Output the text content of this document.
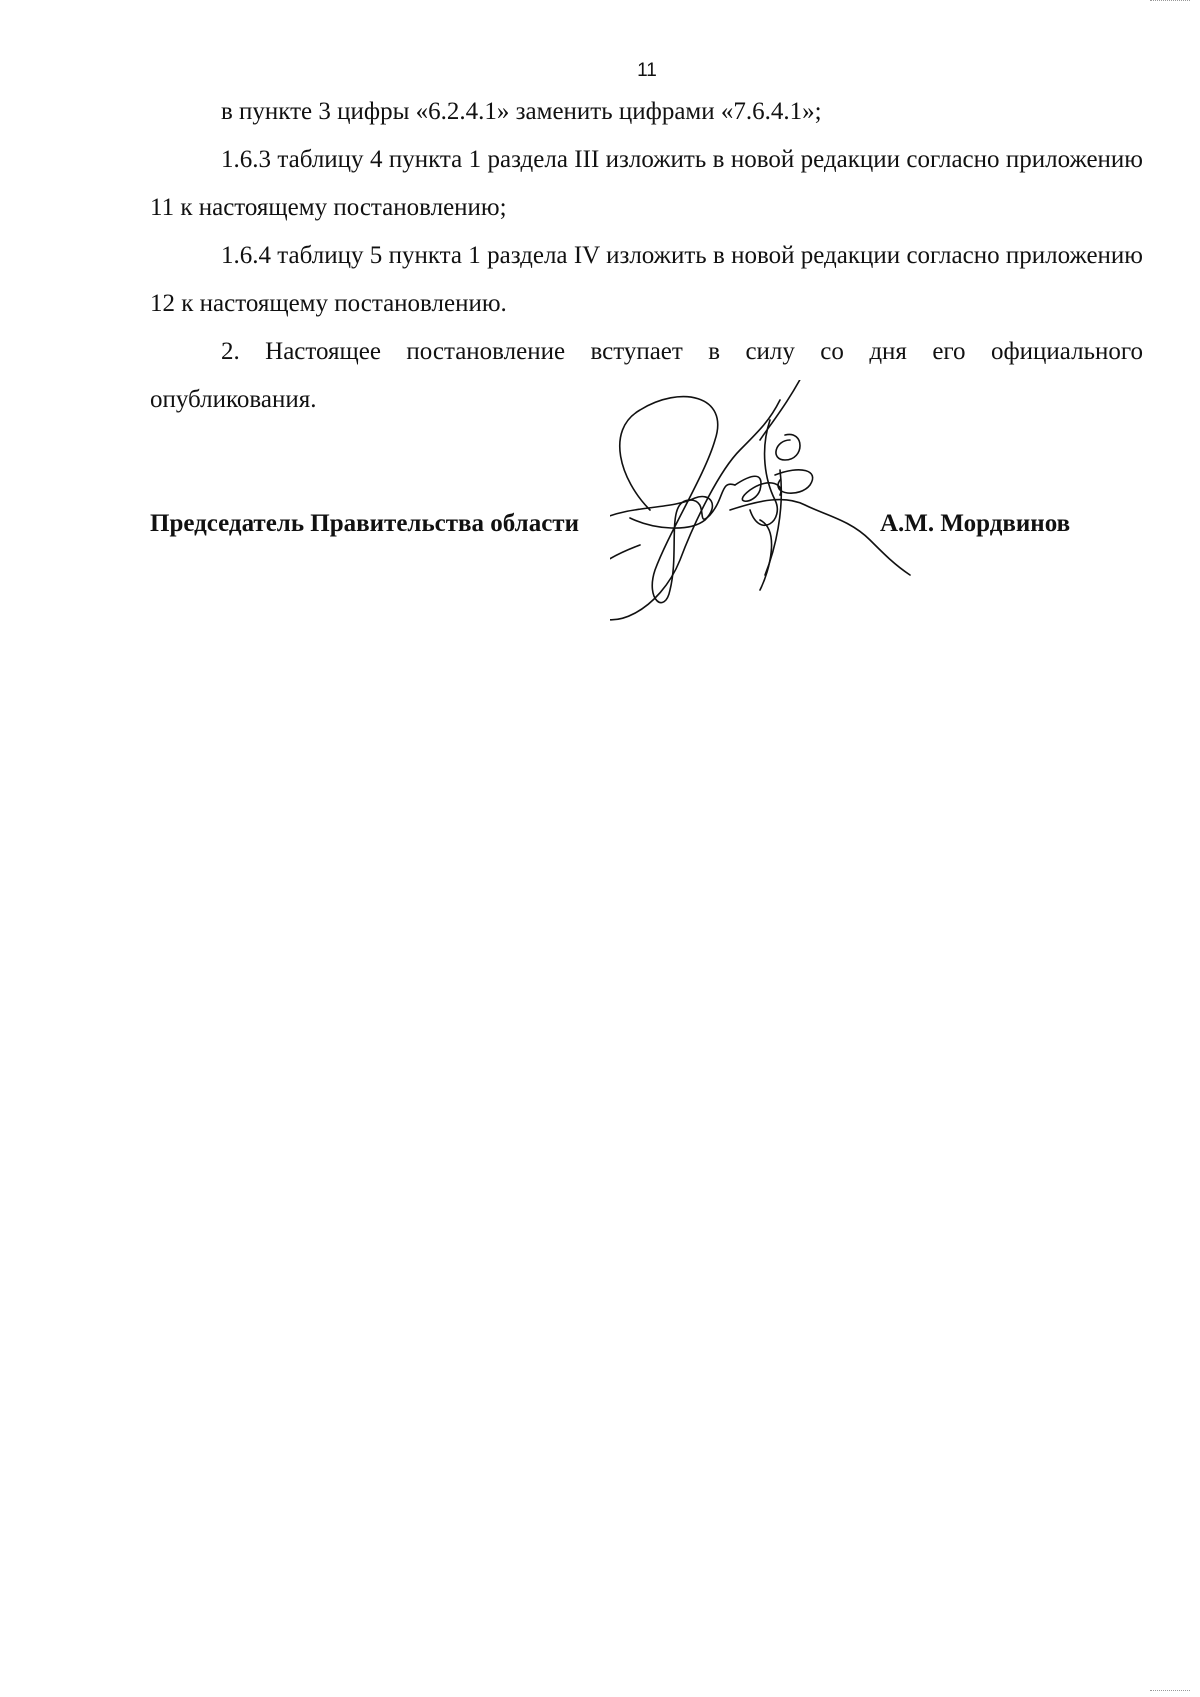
11

в пункте 3 цифры «6.2.4.1» заменить цифрами «7.6.4.1»;

1.6.3 таблицу 4 пункта 1 раздела III изложить в новой редакции согласно приложению 11 к настоящему постановлению;

1.6.4 таблицу 5 пункта 1 раздела IV изложить в новой редакции согласно приложению 12 к настоящему постановлению.

2. Настоящее постановление вступает в силу со дня его официального опубликования.

Председатель Правительства области	А.М. Мордвинов
